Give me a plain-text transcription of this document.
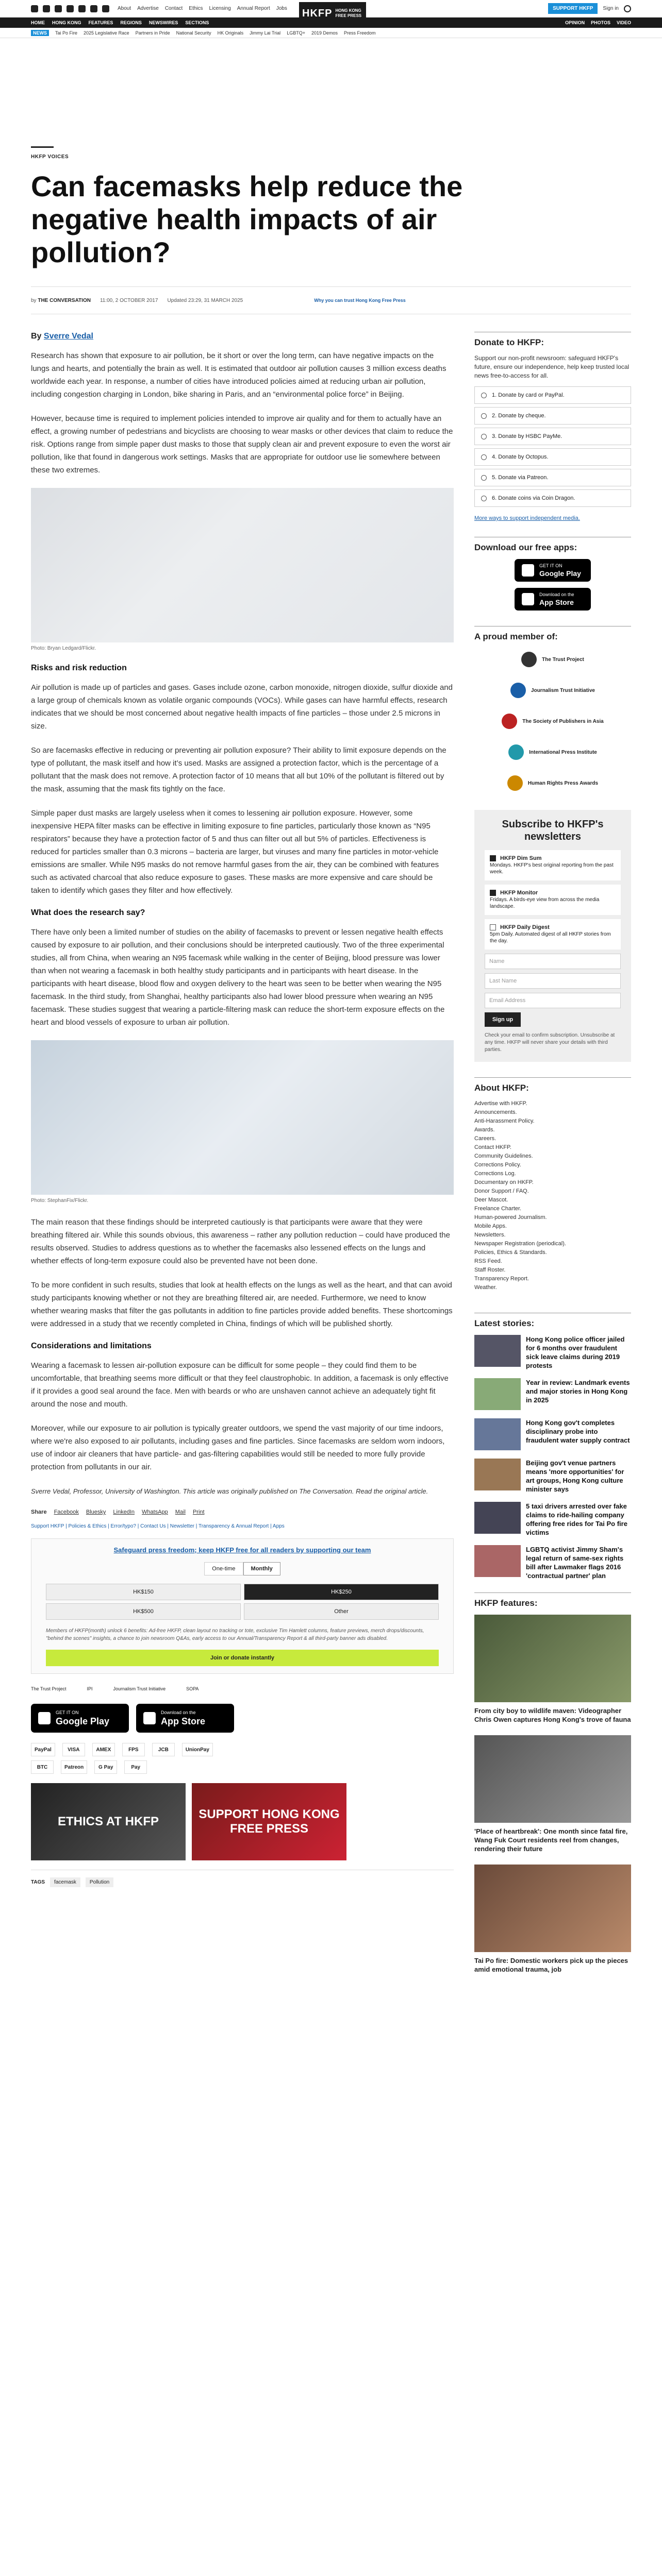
About Advertise Contact Ethics Licensing Annual Report Jobs	HKFP HONG KONG
FREE PRESS
SUPPORT HKFP	Sign in
HOME HONG KONG FEATURES REGIONS NEWSWIRES SECTIONS	OPINION PHOTOS VIDEO
NEWS	Tai Po Fire 2025 Legislative Race Partners in Pride National Security HK Originals Jimmy Lai Trial LGBTQ+ 2019 Demos Press Freedom
HKFP VOICES
Can facemasks help reduce the negative health impacts of air pollution?
by THE CONVERSATION 11:00, 2 OCTOBER 2017 Updated 23:29, 31 MARCH 2025	Why you can trust Hong Kong Free Press
By Sverre Vedal

Research has shown that exposure to air pollution, be it short or over the long term, can have negative impacts on the lungs and hearts, and potentially the brain as well. It is estimated that outdoor air pollution causes 3 million excess deaths worldwide each year. In response, a number of cities have introduced policies aimed at reducing urban air pollution, including congestion charging in London, bike sharing in Paris, and an “environmental police force” in Beijing.

However, because time is required to implement policies intended to improve air quality and for them to actually have an effect, a growing number of pedestrians and bicyclists are choosing to wear masks or other devices that claim to reduce the risk. Options range from simple paper dust masks to those that supply clean air and prevent exposure to even the worst air pollution, like that found in dangerous work settings. Masks that are appropriate for outdoor use lie somewhere between these two extremes.

Photo: Bryan Ledgard/Flickr.
Risks and risk reduction

Air pollution is made up of particles and gases. Gases include ozone, carbon monoxide, nitrogen dioxide, sulfur dioxide and a large group of chemicals known as volatile organic compounds (VOCs). While gases can have harmful effects, research indicates that we should be most concerned about negative health impacts of fine particles – those under 2.5 microns in size.

So are facemasks effective in reducing or preventing air pollution exposure? Their ability to limit exposure depends on the type of pollutant, the mask itself and how it’s used. Masks are assigned a protection factor, which is the percentage of a pollutant that the mask does not remove. A protection factor of 10 means that all but 10% of the pollutant is filtered out by the mask, assuming that the mask fits tightly on the face.

Simple paper dust masks are largely useless when it comes to lessening air pollution exposure. However, some inexpensive HEPA filter masks can be effective in limiting exposure to fine particles, particularly those known as “N95 respirators” because they have a protection factor of 5 and thus can filter out all but 5% of particles. Effectiveness is reduced for particles smaller than 0.3 microns – bacteria are larger, but viruses and many fine particles in motor-vehicle emissions are smaller. While N95 masks do not remove harmful gases from the air, they can be combined with features such as activated charcoal that also reduce exposure to gases. These masks are more expensive and care should be taken to identify which gases they filter and how effectively.

What does the research say?

There have only been a limited number of studies on the ability of facemasks to prevent or lessen negative health effects caused by exposure to air pollution, and their conclusions should be interpreted cautiously. Two of the three experimental studies, all from China, when wearing an N95 facemask while walking in the center of Beijing, blood pressure was lower than when not wearing a facemask in both healthy study participants and in participants with heart disease. In the participants with heart disease, blood flow and oxygen delivery to the heart was seen to be better when wearing the N95 facemask. In the third study, from Shanghai, healthy participants also had lower blood pressure when wearing an N95 facemask. These studies suggest that wearing a particle-filtering mask can reduce the short-term exposure effects on the heart and blood vessels of exposure to urban air pollution.

Photo: StephanFix/Flickr.

The main reason that these findings should be interpreted cautiously is that participants were aware that they were breathing filtered air. While this sounds obvious, this awareness – rather any pollution reduction – could have produced the results observed. Studies to address questions as to whether the facemasks also lessened effects on the lungs and whether effects of long-term exposure could also be prevented have not been done.

To be more confident in such results, studies that look at health effects on the lungs as well as the heart, and that can avoid study participants knowing whether or not they are breathing filtered air, are needed. Furthermore, we need to know whether wearing masks that filter the gas pollutants in addition to fine particles provide added benefits. These shortcomings were addressed in a study that we recently completed in China, findings of which will be published shortly.

Considerations and limitations

Wearing a facemask to lessen air-pollution exposure can be difficult for some people – they could find them to be uncomfortable, that breathing seems more difficult or that they feel claustrophobic. In addition, a facemask is only effective if it provides a good seal around the face. Men with beards or who are unshaven cannot achieve an adequately tight fit around the nose and mouth.

Moreover, while our exposure to air pollution is typically greater outdoors, we spend the vast majority of our time indoors, where we're also exposed to air pollutants, including gases and fine particles. Since facemasks are seldom worn indoors, use of indoor air cleaners that have particle- and gas-filtering capabilities would still be needed to more fully provide protection from pollutants in our air.

Sverre Vedal, Professor, University of Washington. This article was originally published on The Conversation. Read the original article.

Share Facebook Bluesky LinkedIn WhatsApp Mail Print
Support HKFP | Policies & Ethics | Error/typo? | Contact Us | Newsletter | Transparency & Annual Report | Apps
Safeguard press freedom; keep HKFP free for all readers by supporting our team
One-time	Monthly
HK$150	HK$250
HK$500	Other
Members of HKFP(month) unlock 6 benefits: Ad-free HKFP, clean layout no tracking or tote, exclusive Tim Hamlett columns, feature previews, merch drops/discounts, "behind the scenes" insights, a chance to join newsroom Q&As, early access to our Annual/Transparency Report & all third-party banner ads disabled.
Join or donate instantly
The Trust Project	IPI	Journalism Trust Initiative	SOPA
GET IT ON
Google Play
Download on the
App Store
PayPal	VISA	AMEX	FPS	JCB	UnionPay
BTC	Patreon	G Pay	Pay
ETHICS AT HKFP
SUPPORT HONG KONG FREE PRESS
TAGS	facemask	Pollution
Donate to HKFP:

Support our non-profit newsroom: safeguard HKFP's future, ensure our independence, help keep trusted local news free-to-access for all.

1. Donate by card or PayPal.
2. Donate by cheque.
3. Donate by HSBC PayMe.
4. Donate by Octopus.
5. Donate via Patreon.
6. Donate coins via Coin Dragon.
More ways to support independent media.
Download our free apps:
GET IT ON
Google Play
Download on the
App Store
A proud member of:
The Trust Project
Journalism Trust Initiative
The Society of Publishers in Asia
International Press Institute
Human Rights Press Awards
Subscribe to HKFP's newsletters
HKFP Dim Sum
Mondays. HKFP's best original reporting from the past week.
HKFP Monitor
Fridays. A birds-eye view from across the media landscape.
HKFP Daily Digest
5pm Daily. Automated digest of all HKFP stories from the day.
Name
Last Name
Email Address
Sign up
Check your email to confirm subscription. Unsubscribe at any time. HKFP will never share your details with third parties.
About HKFP:
Advertise with HKFP.
Announcements.
Anti-Harassment Policy.
Awards.
Careers.
Contact HKFP.
Community Guidelines.
Corrections Policy.
Corrections Log.
Documentary on HKFP.
Donor Support / FAQ.
Deer Mascot.
Freelance Charter.
Human-powered Journalism.
Mobile Apps.
Newsletters.
Newspaper Registration (periodical).
Policies, Ethics & Standards.
RSS Feed.
Staff Roster.
Transparency Report.
Weather.
Latest stories:
Hong Kong police officer jailed for 6 months over fraudulent sick leave claims during 2019 protests
Year in review: Landmark events and major stories in Hong Kong in 2025
Hong Kong gov't completes disciplinary probe into fraudulent water supply contract
Beijing gov't venue partners means 'more opportunities' for art groups, Hong Kong culture minister says
5 taxi drivers arrested over fake claims to ride-hailing company offering free rides for Tai Po fire victims
LGBTQ activist Jimmy Sham's legal return of same-sex rights bill after Lawmaker flags 2016 'contractual partner' plan
HKFP features:
From city boy to wildlife maven: Videographer Chris Owen captures Hong Kong's trove of fauna
'Place of heartbreak': One month since fatal fire, Wang Fuk Court residents reel from changes, rendering their future
Tai Po fire: Domestic workers pick up the pieces amid emotional trauma, job
